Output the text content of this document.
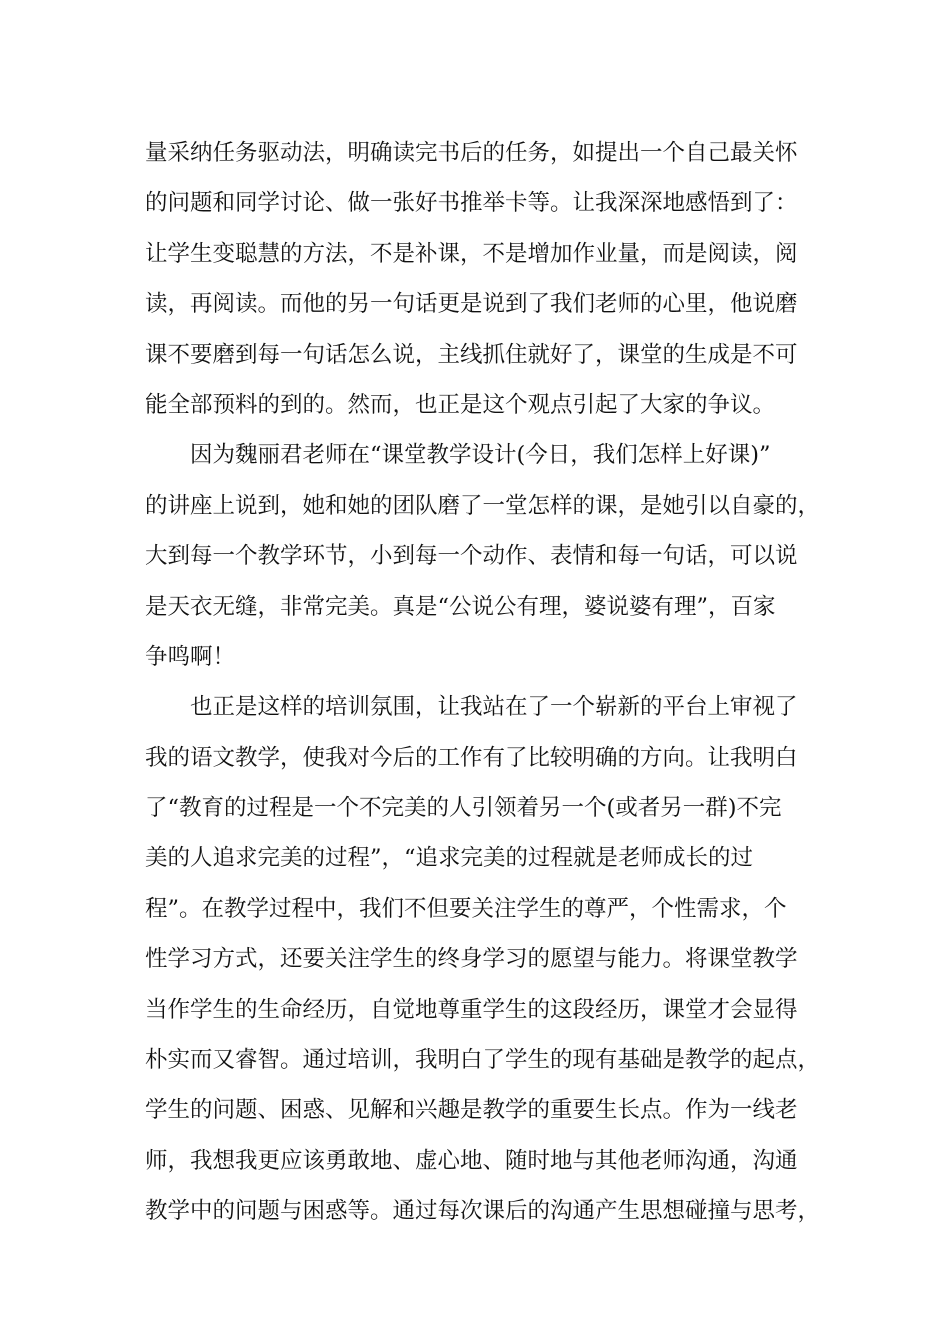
量采纳任务驱动法，明确读完书后的任务，如提出一个自己最关怀
的问题和同学讨论、做一张好书推举卡等。让我深深地感悟到了：
让学生变聪慧的方法，不是补课，不是增加作业量，而是阅读，阅
读，再阅读。而他的另一句话更是说到了我们老师的心里，他说磨
课不要磨到每一句话怎么说，主线抓住就好了，课堂的生成是不可
能全部预料的到的。然而，也正是这个观点引起了大家的争议。
因为魏丽君老师在“课堂教学设计(今日，我们怎样上好课)”
的讲座上说到，她和她的团队磨了一堂怎样的课，是她引以自豪的，
大到每一个教学环节，小到每一个动作、表情和每一句话，可以说
是天衣无缝，非常完美。真是“公说公有理，婆说婆有理”，百家
争鸣啊！
也正是这样的培训氛围，让我站在了一个崭新的平台上审视了
我的语文教学，使我对今后的工作有了比较明确的方向。让我明白
了“教育的过程是一个不完美的人引领着另一个(或者另一群)不完
美的人追求完美的过程”，“追求完美的过程就是老师成长的过
程”。在教学过程中，我们不但要关注学生的尊严，个性需求，个
性学习方式，还要关注学生的终身学习的愿望与能力。将课堂教学
当作学生的生命经历，自觉地尊重学生的这段经历，课堂才会显得
朴实而又睿智。通过培训，我明白了学生的现有基础是教学的起点，
学生的问题、困惑、见解和兴趣是教学的重要生长点。作为一线老
师，我想我更应该勇敢地、虚心地、随时地与其他老师沟通，沟通
教学中的问题与困惑等。通过每次课后的沟通产生思想碰撞与思考，
